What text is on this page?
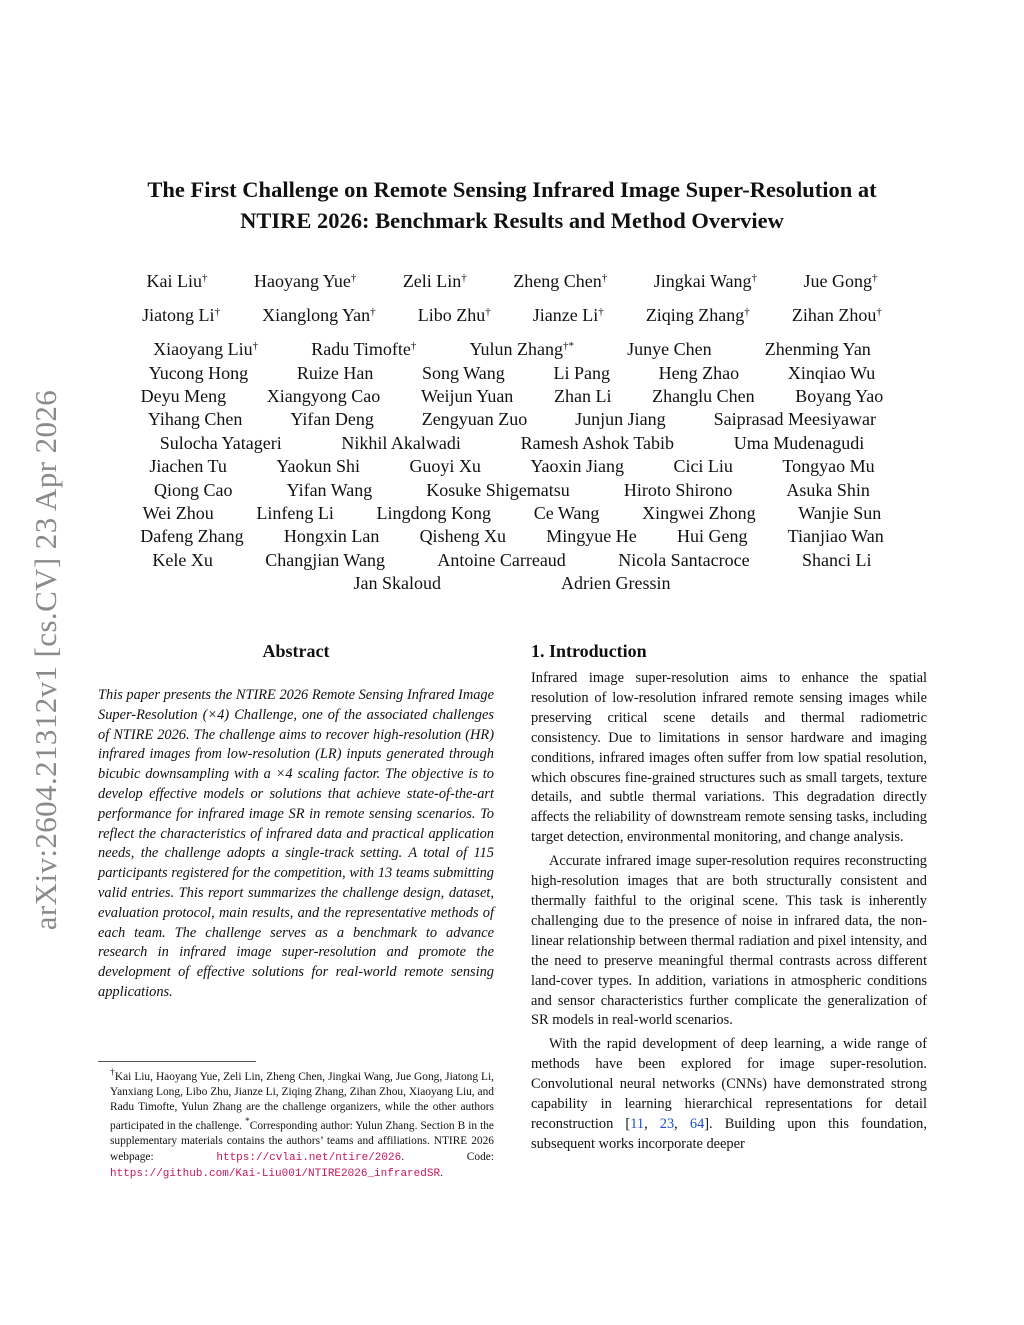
arXiv:2604.21312v1 [cs.CV] 23 Apr 2026
The First Challenge on Remote Sensing Infrared Image Super-Resolution at
NTIRE 2026: Benchmark Results and Method Overview
Kai Liu†	Haoyang Yue†	Zeli Lin†	Zheng Chen†	Jingkai Wang†	Jue Gong†
Jiatong Li† Xianglong Yan† Libo Zhu† Jianze Li† Ziqing Zhang† Zihan Zhou†
Xiaoyang Liu†	Radu Timofte†	Yulun Zhang†*	Junye Chen	Zhenming Yan
Yucong Hong	Ruize Han	Song Wang	Li Pang	Heng Zhao	Xinqiao Wu
Deyu Meng Xiangyong Cao Weijun Yuan Zhan Li Zhanglu Chen Boyang Yao
Yihang Chen	Yifan Deng	Zengyuan Zuo	Junjun Jiang	Saiprasad Meesiyawar
Sulocha Yatageri	Nikhil Akalwadi	Ramesh Ashok Tabib	Uma Mudenagudi
Jiachen Tu	Yaokun Shi	Guoyi Xu	Yaoxin Jiang	Cici Liu	Tongyao Mu
Qiong Cao	Yifan Wang	Kosuke Shigematsu	Hiroto Shirono	Asuka Shin
Wei Zhou Linfeng Li Lingdong Kong Ce Wang Xingwei Zhong Wanjie Sun
Dafeng Zhang Hongxin Lan Qisheng Xu Mingyue He Hui Geng Tianjiao Wan
Kele Xu	Changjian Wang	Antoine Carreaud	Nicola Santacroce	Shanci Li
Jan Skaloud	Adrien Gressin
Abstract

This paper presents the NTIRE 2026 Remote Sensing Infrared Image Super-Resolution (×4) Challenge, one of the associated challenges of NTIRE 2026. The challenge aims to recover high-resolution (HR) infrared images from low-resolution (LR) inputs generated through bicubic downsampling with a ×4 scaling factor. The objective is to develop effective models or solutions that achieve state-of-the-art performance for infrared image SR in remote sensing scenarios. To reflect the characteristics of infrared data and practical application needs, the challenge adopts a single-track setting. A total of 115 participants registered for the competition, with 13 teams submitting valid entries. This report summarizes the challenge design, dataset, evaluation protocol, main results, and the representative methods of each team. The challenge serves as a benchmark to advance research in infrared image super-resolution and promote the development of effective solutions for real-world remote sensing applications.

†Kai Liu, Haoyang Yue, Zeli Lin, Zheng Chen, Jingkai Wang, Jue Gong, Jiatong Li, Yanxiang Long, Libo Zhu, Jianze Li, Ziqing Zhang, Zihan Zhou, Xiaoyang Liu, and Radu Timofte, Yulun Zhang are the challenge organizers, while the other authors participated in the challenge. *Corresponding author: Yulun Zhang. Section B in the supplementary materials contains the authors’ teams and affiliations. NTIRE 2026 webpage:	https://cvlai.net/ntire/2026. Code: https://github.com/Kai-Liu001/NTIRE2026_infraredSR.

1. Introduction

Infrared image super-resolution aims to enhance the spatial resolution of low-resolution infrared remote sensing images while preserving critical scene details and thermal radiometric consistency. Due to limitations in sensor hardware and imaging conditions, infrared images often suffer from low spatial resolution, which obscures fine-grained structures such as small targets, texture details, and subtle thermal variations. This degradation directly affects the reliability of downstream remote sensing tasks, including target detection, environmental monitoring, and change analysis.

Accurate infrared image super-resolution requires reconstructing high-resolution images that are both structurally consistent and thermally faithful to the original scene. This task is inherently challenging due to the presence of noise in infrared data, the non-linear relationship between thermal radiation and pixel intensity, and the need to preserve meaningful thermal contrasts across different land-cover types. In addition, variations in atmospheric conditions and sensor characteristics further complicate the generalization of SR models in real-world scenarios.

With the rapid development of deep learning, a wide range of methods have been explored for image super-resolution. Convolutional neural networks (CNNs) have demonstrated strong capability in learning hierarchical representations for detail reconstruction [11, 23, 64]. Building upon this foundation, subsequent works incorporate deeper
